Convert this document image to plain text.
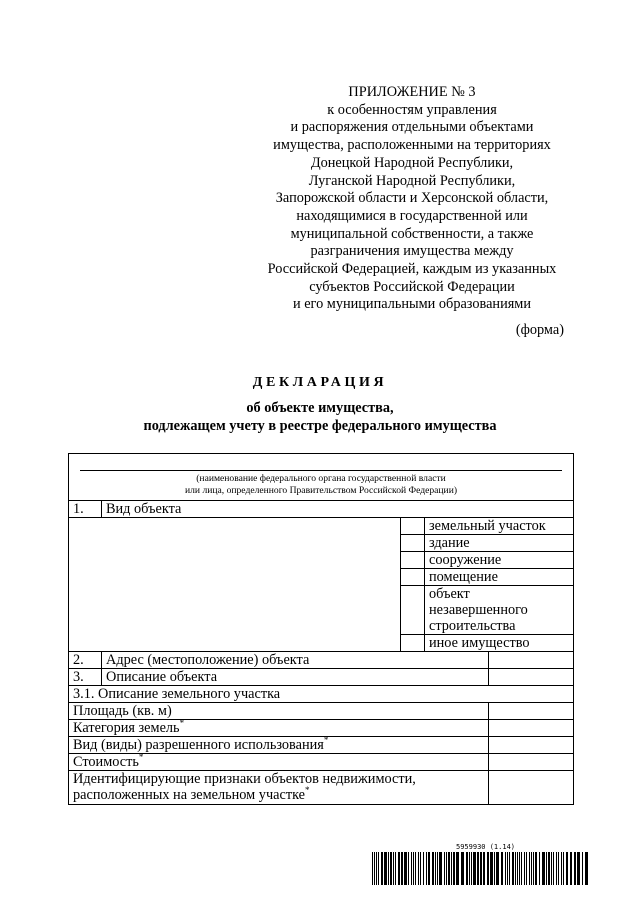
ПРИЛОЖЕНИЕ № 3
к особенностям управления
и распоряжения отдельными объектами
имущества, расположенными на территориях
Донецкой Народной Республики,
Луганской Народной Республики,
Запорожской области и Херсонской области,
находящимися в государственной или
муниципальной собственности, а также
разграничения имущества между
Российской Федерацией, каждым из указанных
субъектов Российской Федерации
и его муниципальными образованиями
(форма)
ДЕКЛАРАЦИЯ
об объекте имущества,
подлежащем учету в реестре федерального имущества
(наименование федерального органа государственной власти
или лица, определенного Правительством Российской Федерации)				

1.	Вид объекта			
			земельный участок	
			здание	
			сооружение	
			помещение	

			объект незавершенного строительства	

			иное имущество	
2.	Адрес (местоположение) объекта			
3.	Описание объекта			
3.1. Описание земельного участка				
Площадь (кв. м)				
Категория земель*	
Вид (виды) разрешенного использования*	
Стоимость*	

Идентифицирующие признаки объектов недвижимости,
расположенных на земельном участке*

5959930 (1.14)
